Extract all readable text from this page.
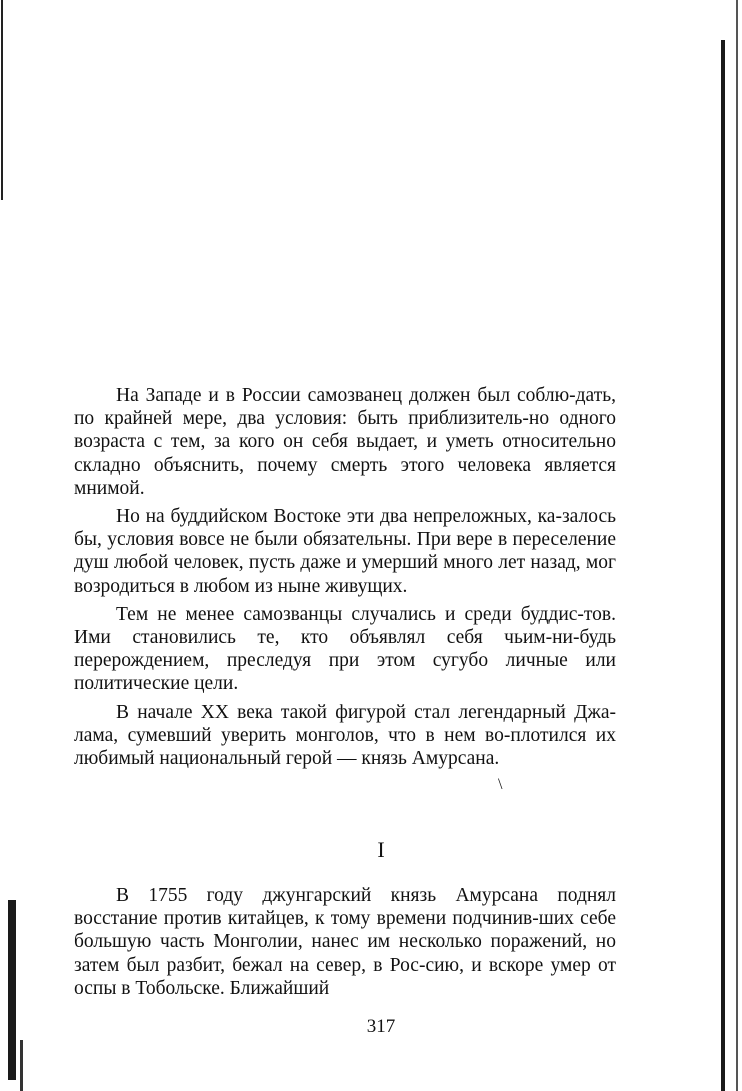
На Западе и в России самозванец должен был соблю-дать, по крайней мере, два условия: быть приблизитель-но одного возраста с тем, за кого он себя выдает, и уметь относительно складно объяснить, почему смерть этого человека является мнимой.

Но на буддийском Востоке эти два непреложных, ка-залось бы, условия вовсе не были обязательны. При вере в переселение душ любой человек, пусть даже и умерший много лет назад, мог возродиться в любом из ныне живущих.

Тем не менее самозванцы случались и среди буддис-тов. Ими становились те, кто объявлял себя чьим-ни-будь перерождением, преследуя при этом сугубо личные или политические цели.

В начале XX века такой фигурой стал легендарный Джа-лама, сумевший уверить монголов, что в нем во-плотился их любимый национальный герой — князь Амурсана.

\
I

В 1755 году джунгарский князь Амурсана поднял восстание против китайцев, к тому времени подчинив-ших себе большую часть Монголии, нанес им несколько поражений, но затем был разбит, бежал на север, в Рос-сию, и вскоре умер от оспы в Тобольске. Ближайший

317
